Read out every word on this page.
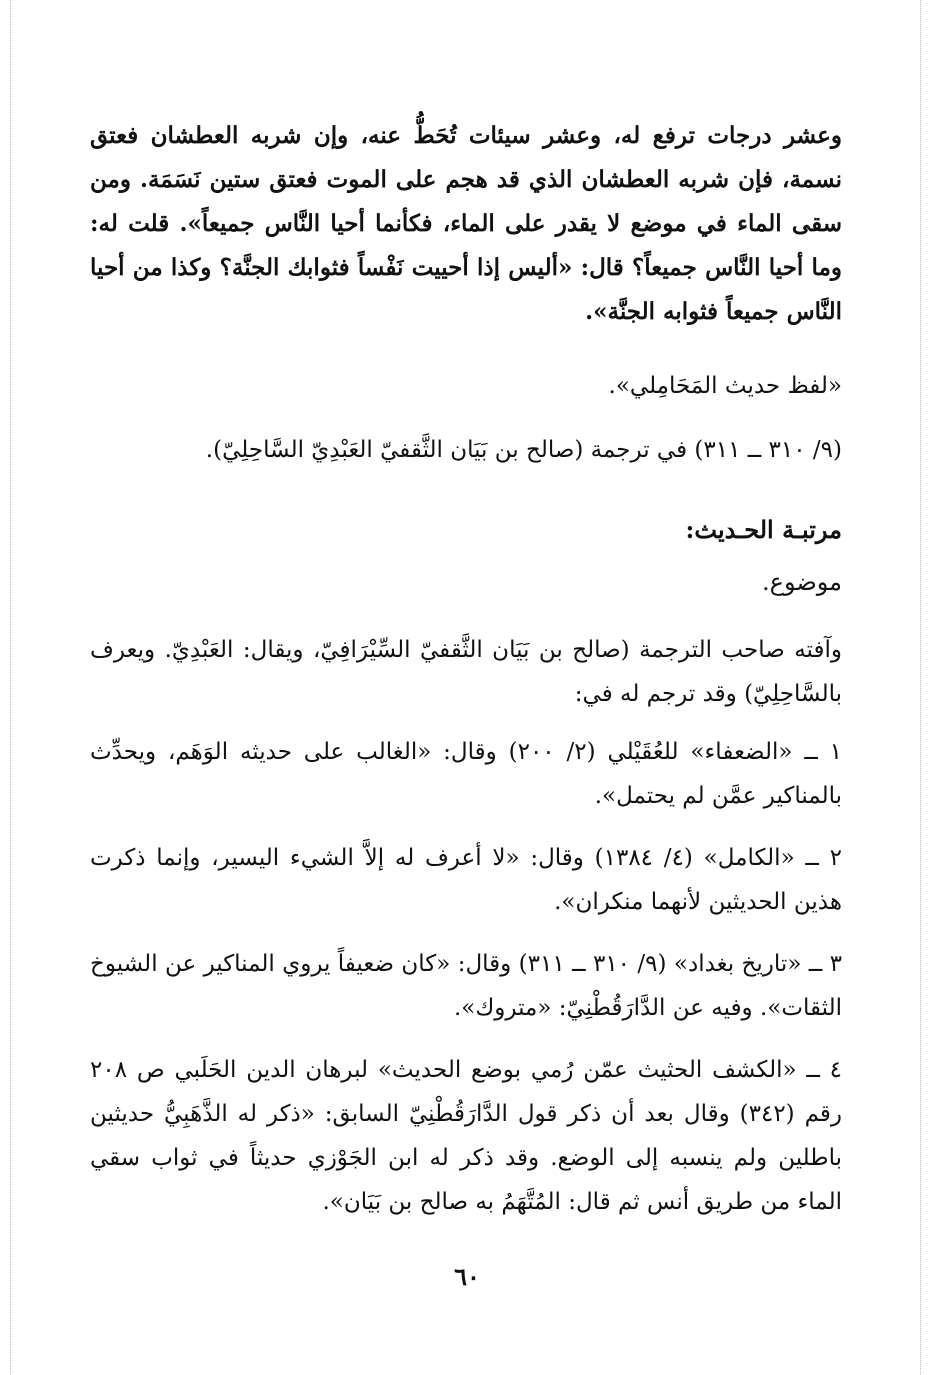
وعشر درجات ترفع له، وعشر سيئات تُحَطُّ عنه، وإن شربه العطشان فعتق نسمة، فإن شربه العطشان الذي قد هجم على الموت فعتق ستين نَسَمَة. ومن سقى الماء في موضع لا يقدر على الماء، فكأنما أحيا النَّاس جميعاً». قلت له: وما أحيا النَّاس جميعاً؟ قال: «أليس إذا أحييت نَفْساً فثوابك الجنَّة؟ وكذا من أحيا النَّاس جميعاً فثوابه الجنَّة».

«لفظ حديث المَحَامِلي».

(٩/ ٣١٠ ــ ٣١١) في ترجمة (صالح بن بَيَان الثَّقفيّ العَبْدِيّ السَّاحِلِيّ).

مرتبـة الحـديث:

موضوع.

وآفته صاحب الترجمة (صالح بن بَيَان الثَّقفيّ السِّيْرَافِيّ، ويقال: العَبْدِيّ. ويعرف بالسَّاحِلِيّ) وقد ترجم له في:

١ ــ «الضعفاء» للعُقَيْلي (٢/ ٢٠٠) وقال: «الغالب على حديثه الوَهَم، ويحدِّث بالمناكير عمَّن لم يحتمل».

٢ ــ «الكامل» (٤/ ١٣٨٤) وقال: «لا أعرف له إلاَّ الشيء اليسير، وإنما ذكرت هذين الحديثين لأنهما منكران».

٣ ــ «تاريخ بغداد» (٩/ ٣١٠ ــ ٣١١) وقال: «كان ضعيفاً يروي المناكير عن الشيوخ الثقات». وفيه عن الدَّارَقُطْنِيّ: «متروك».

٤ ــ «الكشف الحثيث عمّن رُمي بوضع الحديث» لبرهان الدين الحَلَبي ص ٢٠٨ رقم (٣٤٢) وقال بعد أن ذكر قول الدَّارَقُطْنِيّ السابق: «ذكر له الذَّهَبِيُّ حديثين باطلين ولم ينسبه إلى الوضع. وقد ذكر له ابن الجَوْزي حديثاً في ثواب سقي الماء من طريق أنس ثم قال: المُتَّهَمُ به صالح بن بَيَان».

٦٠
